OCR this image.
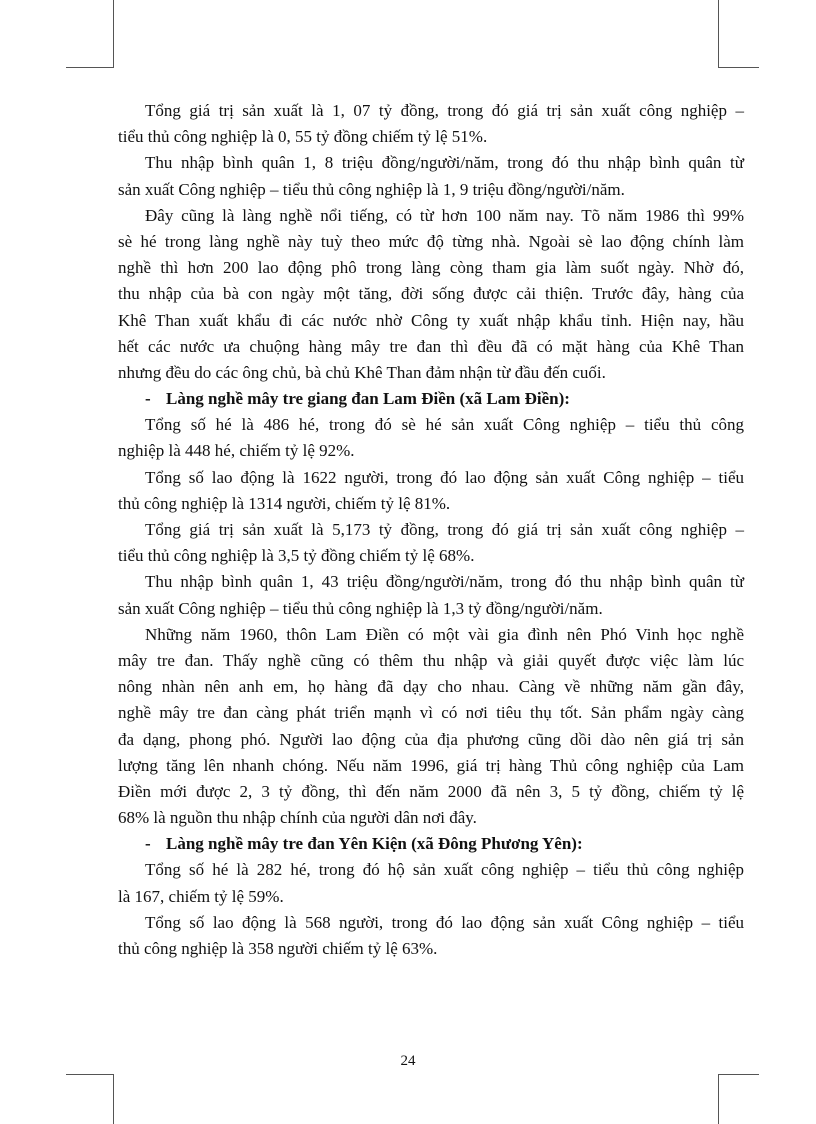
Tổng giá trị sản xuất là 1, 07 tỷ đồng, trong đó giá trị sản xuất công nghiệp –
tiểu thủ công nghiệp là 0, 55 tỷ đồng chiếm tỷ lệ 51%.
Thu nhập bình quân 1, 8 triệu đồng/người/năm, trong đó thu nhập bình quân từ
sản xuất Công nghiệp – tiểu thủ công nghiệp là 1, 9 triệu đồng/người/năm.
Đây cũng là làng nghề nổi tiếng, có từ hơn 100 năm nay. Tõ năm 1986 thì 99%
sè hé trong làng nghề này tuỳ theo mức độ từng nhà. Ngoài sè lao động chính làm
nghề thì hơn 200 lao động phô trong làng còng tham gia làm suốt ngày. Nhờ đó,
thu nhập của bà con ngày một tăng, đời sống được cải thiện. Trước đây, hàng của
Khê Than xuất khẩu đi các nước nhờ Công ty xuất nhập khẩu tỉnh. Hiện nay, hầu
hết các nước ưa chuộng hàng mây tre đan thì đều đã có mặt hàng của Khê Than
nhưng đều do các ông chủ, bà chủ Khê Than đảm nhận từ đầu đến cuối.
- Làng nghề mây tre giang đan Lam Điền (xã Lam Điền):
Tổng số hé là 486 hé, trong đó sè hé sản xuất Công nghiệp – tiểu thủ công
nghiệp là 448 hé, chiếm tỷ lệ 92%.
Tổng số lao động là 1622 người, trong đó lao động sản xuất Công nghiệp – tiểu
thủ công nghiệp là 1314 người, chiếm tỷ lệ 81%.
Tổng giá trị sản xuất là 5,173 tỷ đồng, trong đó giá trị sản xuất công nghiệp –
tiểu thủ công nghiệp là 3,5 tỷ đồng chiếm tỷ lệ 68%.
Thu nhập bình quân 1, 43 triệu đồng/người/năm, trong đó thu nhập bình quân từ
sản xuất Công nghiệp – tiểu thủ công nghiệp là 1,3 tỷ đồng/người/năm.
Những năm 1960, thôn Lam Điền có một vài gia đình nên Phó Vinh học nghề
mây tre đan. Thấy nghề cũng có thêm thu nhập và giải quyết được việc làm lúc
nông nhàn nên anh em, họ hàng đã dạy cho nhau. Càng về những năm gần đây,
nghề mây tre đan càng phát triển mạnh vì có nơi tiêu thụ tốt. Sản phẩm ngày càng
đa dạng, phong phó. Người lao động của địa phương cũng dồi dào nên giá trị sản
lượng tăng lên nhanh chóng. Nếu năm 1996, giá trị hàng Thủ công nghiệp của Lam
Điền mới được 2, 3 tỷ đồng, thì đến năm 2000 đã nên 3, 5 tỷ đồng, chiếm tỷ lệ
68% là nguồn thu nhập chính của người dân nơi đây.
- Làng nghề mây tre đan Yên Kiện (xã Đông Phương Yên):
Tổng số hé là 282 hé, trong đó hộ sản xuất công nghiệp – tiểu thủ công nghiệp
là 167, chiếm tỷ lệ 59%.
Tổng số lao động là 568 người, trong đó lao động sản xuất Công nghiệp – tiểu
thủ công nghiệp là 358 người chiếm tỷ lệ 63%.
24
